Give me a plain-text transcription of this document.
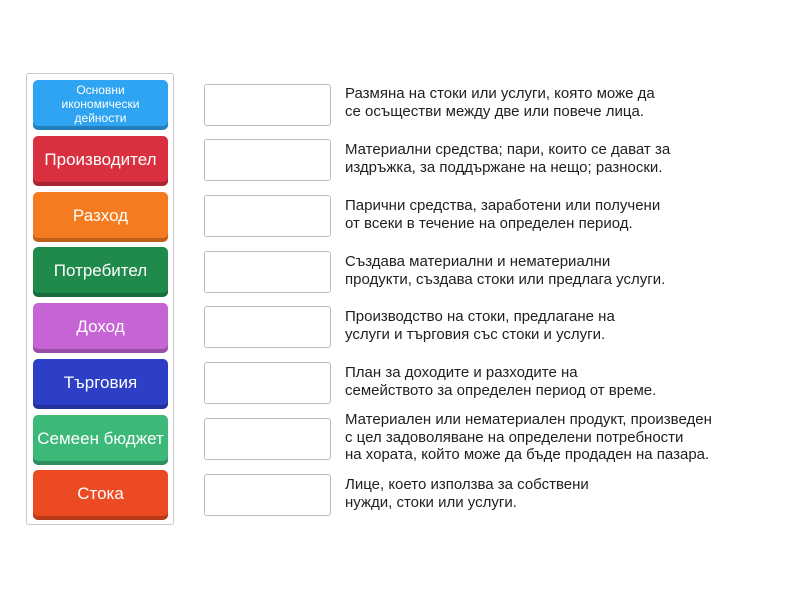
Основни икономически дейности
Производител
Разход
Потребител
Доход
Търговия
Семеен бюджет
Стока
Размяна на стоки или услуги, която може да
се осъществи между две или повече лица.
Материални средства; пари, които се дават за
издръжка, за поддържане на нещо; разноски.
Парични средства, заработени или получени
от всеки в течение на определен период.
Създава материални и нематериални
продукти, създава стоки или предлага услуги.
Производство на стоки, предлагане на
услуги и търговия със стоки и услуги.
План за доходите и разходите на
семейството за определен период от време.
Материален или нематериален продукт, произведен
с цел задоволяване на определени потребности
на хората, който може да бъде продаден на пазара.
Лице, което използва за собствени
нужди, стоки или услуги.
